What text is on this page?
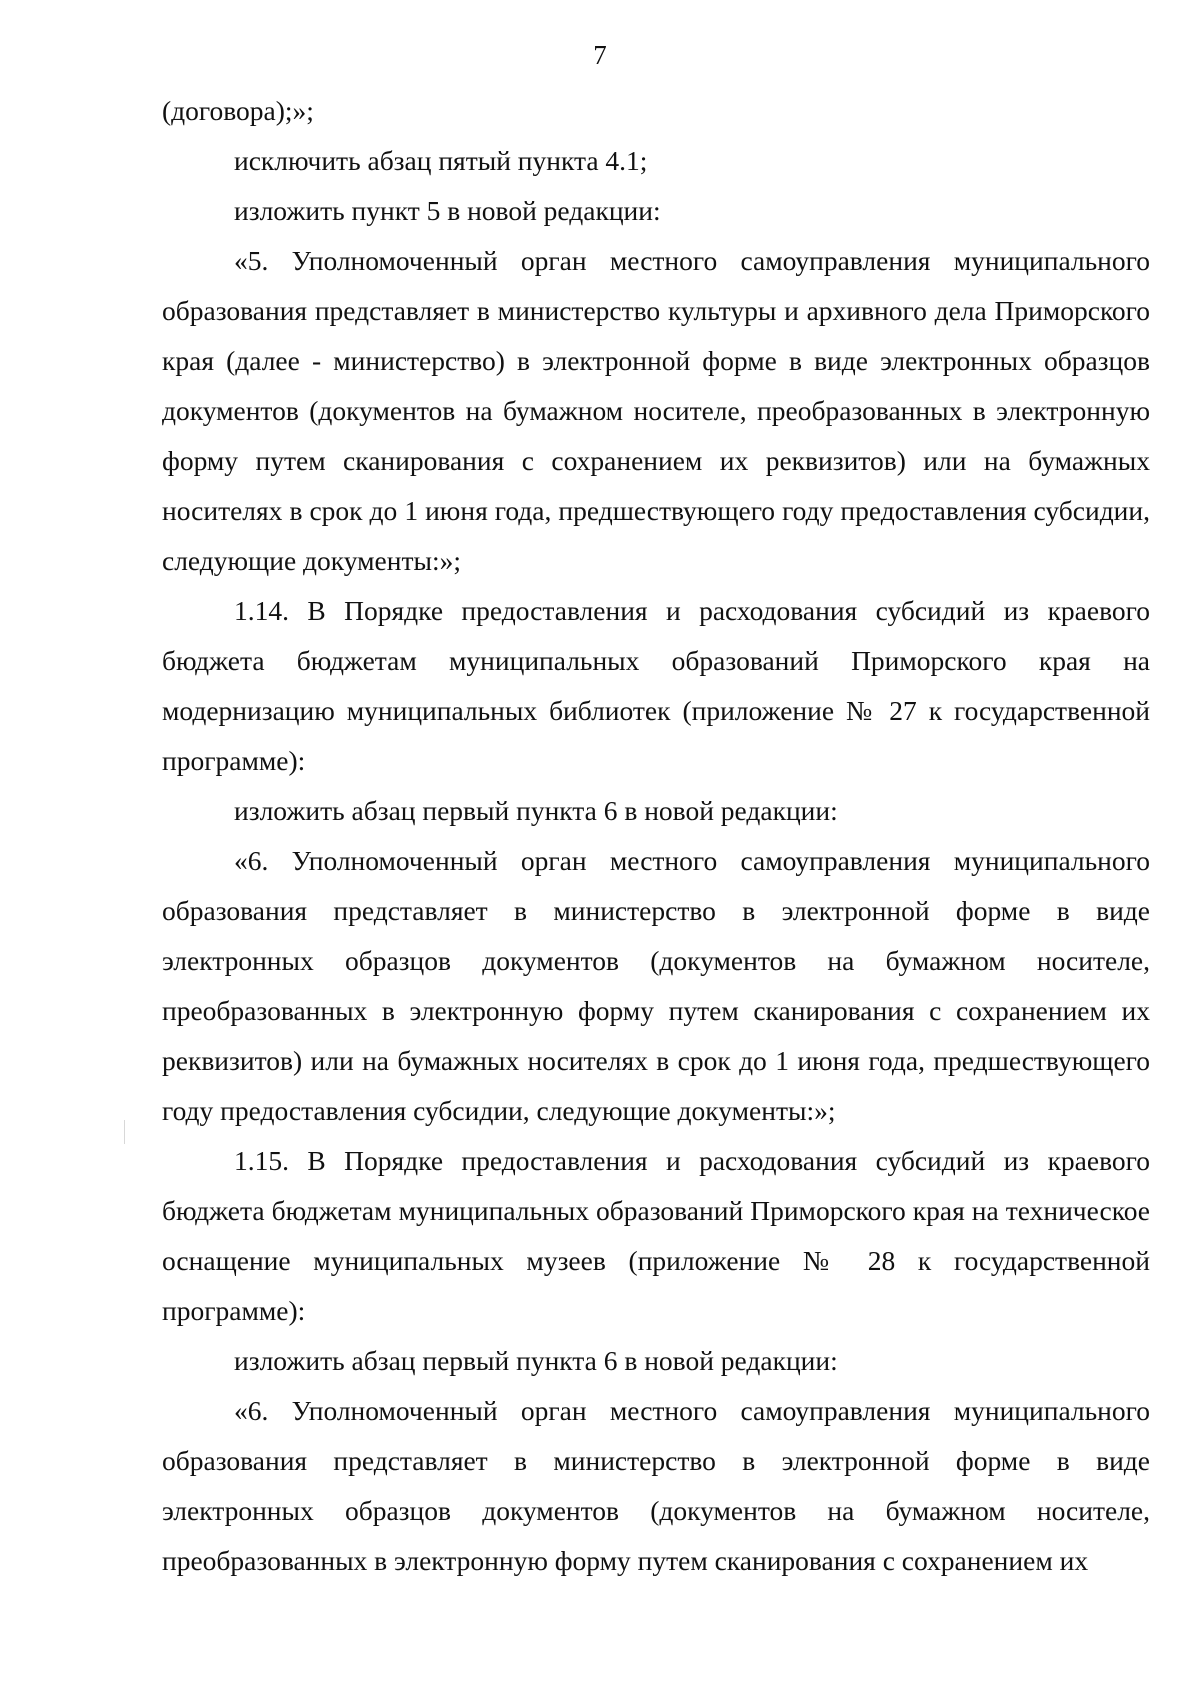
7

(договора);»;

исключить абзац пятый пункта 4.1;

изложить пункт 5 в новой редакции:

«5. Уполномоченный орган местного самоуправления муниципального образования представляет в министерство культуры и архивного дела Приморского края (далее - министерство) в электронной форме в виде электронных образцов документов (документов на бумажном носителе, преобразованных в электронную форму путем сканирования с сохранением их реквизитов) или на бумажных носителях в срок до 1 июня года, предшествующего году предоставления субсидии, следующие документы:»;

1.14. В Порядке предоставления и расходования субсидий из краевого бюджета бюджетам муниципальных образований Приморского края на модернизацию муниципальных библиотек (приложение № 27 к государственной программе):

изложить абзац первый пункта 6 в новой редакции:

«6. Уполномоченный орган местного самоуправления муниципального образования представляет в министерство в электронной форме в виде электронных образцов документов (документов на бумажном носителе, преобразованных в электронную форму путем сканирования с сохранением их реквизитов) или на бумажных носителях в срок до 1 июня года, предшествующего году предоставления субсидии, следующие документы:»;

1.15. В Порядке предоставления и расходования субсидий из краевого бюджета бюджетам муниципальных образований Приморского края на техническое оснащение муниципальных музеев (приложение № 28 к государственной программе):

изложить абзац первый пункта 6 в новой редакции:

«6. Уполномоченный орган местного самоуправления муниципального образования представляет в министерство в электронной форме в виде электронных образцов документов (документов на бумажном носителе, преобразованных в электронную форму путем сканирования с сохранением их
